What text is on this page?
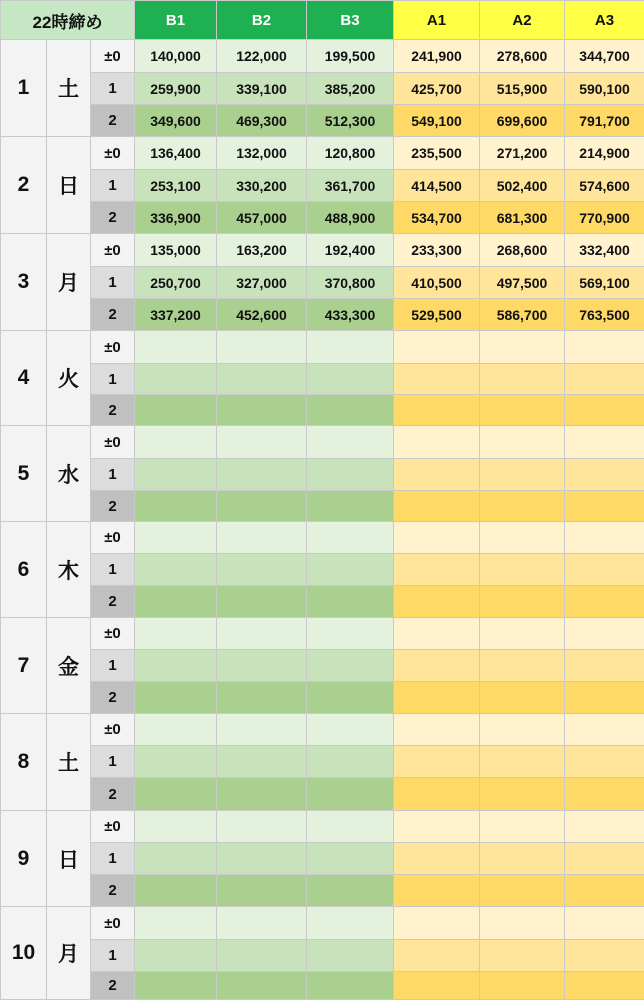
22時締め			B1	B2	B3	A1	A2	A3
1	土	±0	140,000	122,000	199,500	241,900	278,600	344,700
		1	259,900	339,100	385,200	425,700	515,900	590,100
		2	349,600	469,300	512,300	549,100	699,600	791,700
2	日	±0	136,400	132,000	120,800	235,500	271,200	214,900
		1	253,100	330,200	361,700	414,500	502,400	574,600
		2	336,900	457,000	488,900	534,700	681,300	770,900
3	月	±0	135,000	163,200	192,400	233,300	268,600	332,400
		1	250,700	327,000	370,800	410,500	497,500	569,100
		2	337,200	452,600	433,300	529,500	586,700	763,500
4	火	±0						
		1						
		2						
5	水	±0						
		1						
		2						
6	木	±0						
		1						
		2						
7	金	±0						
		1						
		2						
8	土	±0						
		1						
		2						
9	日	±0						
		1						
		2						
10	月	±0						
		1						
		2						
